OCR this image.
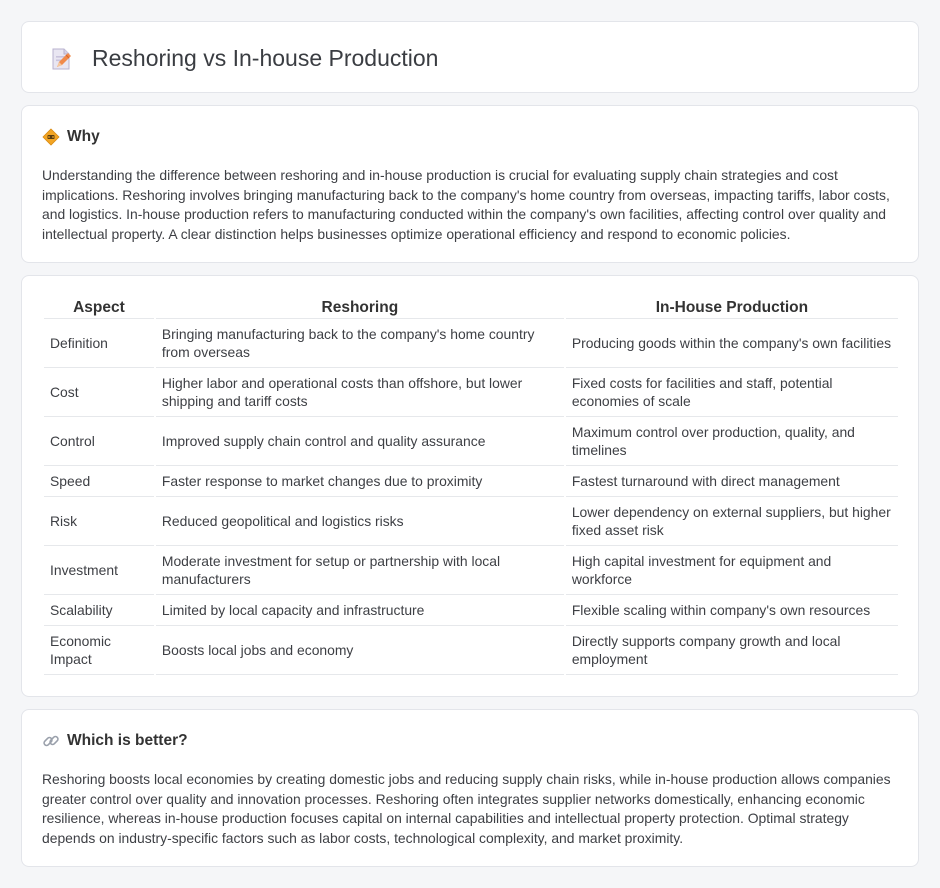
Reshoring vs In-house Production
Why

Understanding the difference between reshoring and in-house production is crucial for evaluating supply chain strategies and cost implications. Reshoring involves bringing manufacturing back to the company's home country from overseas, impacting tariffs, labor costs, and logistics. In-house production refers to manufacturing conducted within the company's own facilities, affecting control over quality and intellectual property. A clear distinction helps businesses optimize operational efficiency and respond to economic policies.

Aspect	Reshoring	In-House Production
Definition	Bringing manufacturing back to the company's home country from overseas	Producing goods within the company's own facilities
Cost	Higher labor and operational costs than offshore, but lower shipping and tariff costs	Fixed costs for facilities and staff, potential economies of scale
Control	Improved supply chain control and quality assurance	Maximum control over production, quality, and timelines
Speed	Faster response to market changes due to proximity	Fastest turnaround with direct management
Risk	Reduced geopolitical and logistics risks	Lower dependency on external suppliers, but higher fixed asset risk
Investment	Moderate investment for setup or partnership with local manufacturers	High capital investment for equipment and workforce
Scalability	Limited by local capacity and infrastructure	Flexible scaling within company's own resources
Economic Impact	Boosts local jobs and economy	Directly supports company growth and local employment
Which is better?

Reshoring boosts local economies by creating domestic jobs and reducing supply chain risks, while in-house production allows companies greater control over quality and innovation processes. Reshoring often integrates supplier networks domestically, enhancing economic resilience, whereas in-house production focuses capital on internal capabilities and intellectual property protection. Optimal strategy depends on industry-specific factors such as labor costs, technological complexity, and market proximity.
